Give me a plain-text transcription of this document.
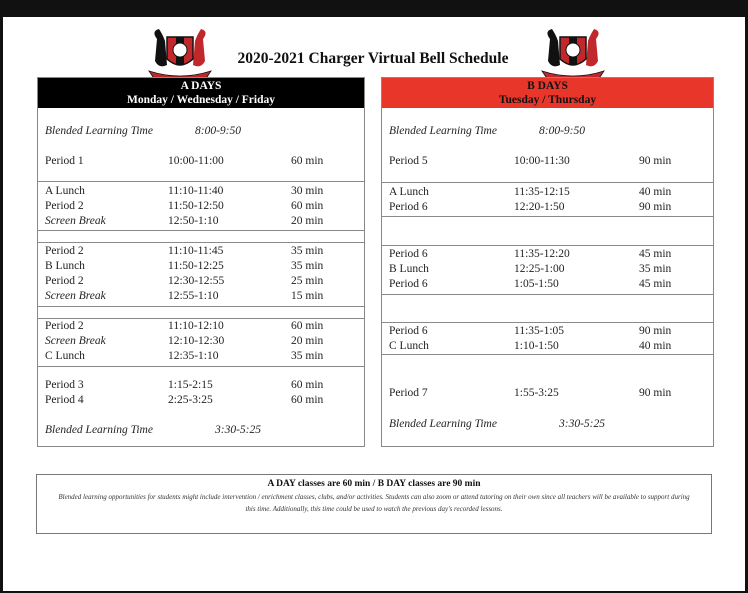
2020-2021 Charger Virtual Bell Schedule
A DAYS
Monday / Wednesday / Friday
Blended Learning Time	8:00-9:50
Period 1	10:00-11:00	60 min
A Lunch	11:10-11:40	30 min
Period 2	11:50-12:50	60 min
Screen Break	12:50-1:10	20 min
Period 2	11:10-11:45	35 min
B Lunch	11:50-12:25	35 min
Period 2	12:30-12:55	25 min
Screen Break	12:55-1:10	15 min
Period 2	11:10-12:10	60 min
Screen Break	12:10-12:30	20 min
C Lunch	12:35-1:10	35 min
Period 3	1:15-2:15	60 min
Period 4	2:25-3:25	60 min
Blended Learning Time	3:30-5:25
B DAYS
Tuesday / Thursday
Blended Learning Time	8:00-9:50
Period 5	10:00-11:30	90 min
A Lunch	11:35-12:15	40 min
Period 6	12:20-1:50	90 min
Period 6	11:35-12:20	45 min
B Lunch	12:25-1:00	35 min
Period 6	1:05-1:50	45 min
Period 6	11:35-1:05	90 min
C Lunch	1:10-1:50	40 min
Period 7	1:55-3:25	90 min
Blended Learning Time	3:30-5:25
A DAY classes are 60 min / B DAY classes are 90 min
Blended learning opportunities for students might include intervention / enrichment classes, clubs, and/or activities. Students can also zoom or attend tutoring on their own since all teachers will be available to support during this time. Additionally, this time could be used to watch the previous day's recorded lessons.
